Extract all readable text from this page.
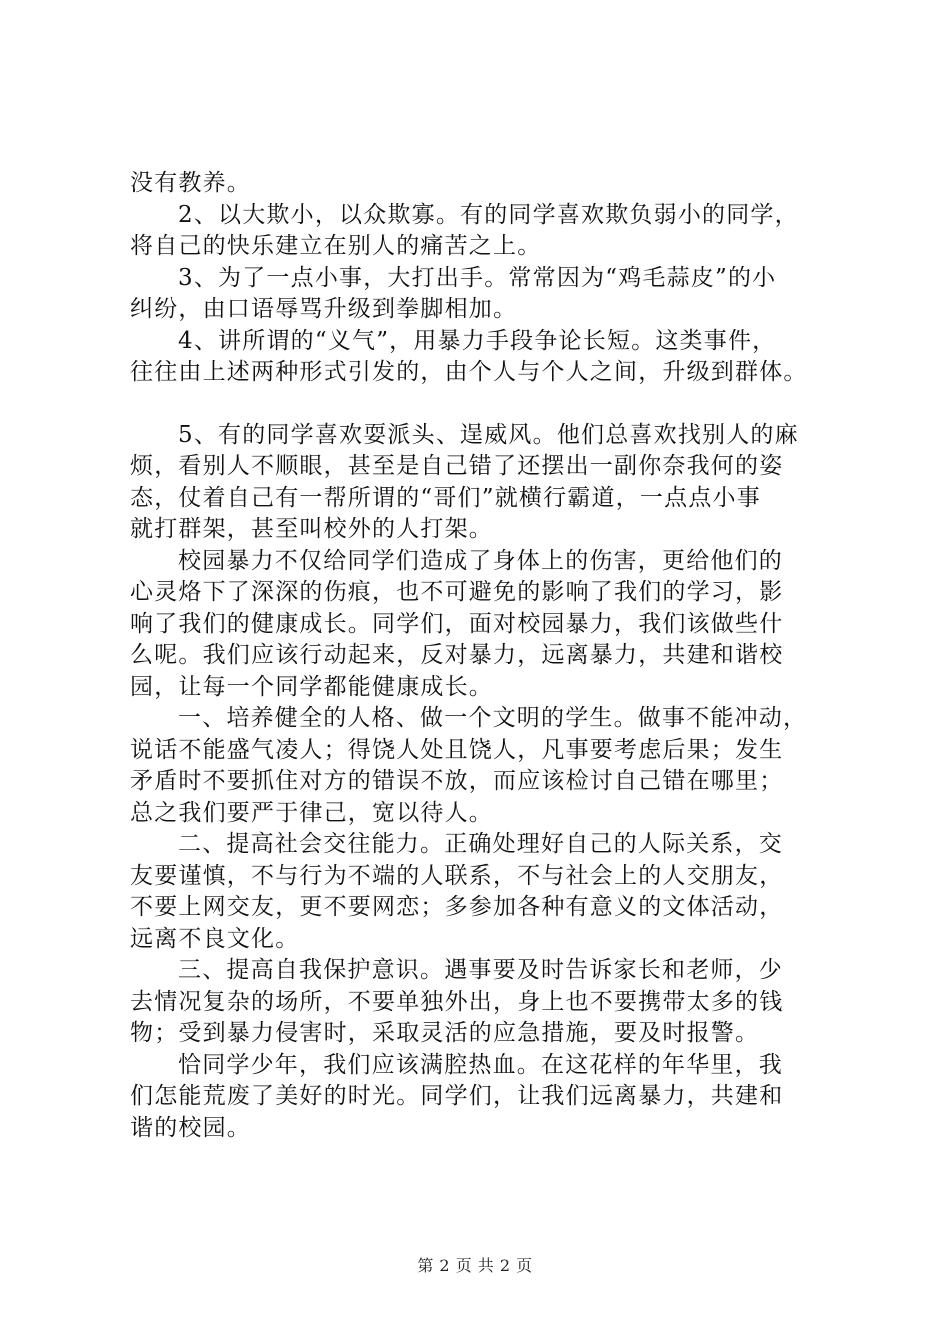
没有教养。

2、以大欺小，以众欺寡。有的同学喜欢欺负弱小的同学，
将自己的快乐建立在别人的痛苦之上。

3、为了一点小事，大打出手。常常因为“鸡毛蒜皮”的小
纠纷，由口语辱骂升级到拳脚相加。

4、讲所谓的“义气”，用暴力手段争论长短。这类事件，
往往由上述两种形式引发的，由个人与个人之间，升级到群体。

5、有的同学喜欢耍派头、逞威风。他们总喜欢找别人的麻
烦，看别人不顺眼，甚至是自己错了还摆出一副你奈我何的姿
态，仗着自己有一帮所谓的“哥们”就横行霸道，一点点小事
就打群架，甚至叫校外的人打架。

校园暴力不仅给同学们造成了身体上的伤害，更给他们的
心灵烙下了深深的伤痕，也不可避免的影响了我们的学习，影
响了我们的健康成长。同学们，面对校园暴力，我们该做些什
么呢。我们应该行动起来，反对暴力，远离暴力，共建和谐校
园，让每一个同学都能健康成长。

一、培养健全的人格、做一个文明的学生。做事不能冲动，
说话不能盛气凌人；得饶人处且饶人，凡事要考虑后果；发生
矛盾时不要抓住对方的错误不放，而应该检讨自己错在哪里；
总之我们要严于律己，宽以待人。

二、提高社会交往能力。正确处理好自己的人际关系，交
友要谨慎，不与行为不端的人联系，不与社会上的人交朋友，
不要上网交友，更不要网恋；多参加各种有意义的文体活动，
远离不良文化。

三、提高自我保护意识。遇事要及时告诉家长和老师，少
去情况复杂的场所，不要单独外出，身上也不要携带太多的钱
物；受到暴力侵害时，采取灵活的应急措施，要及时报警。

恰同学少年，我们应该满腔热血。在这花样的年华里，我
们怎能荒废了美好的时光。同学们，让我们远离暴力，共建和
谐的校园。

第 2 页 共 2 页
